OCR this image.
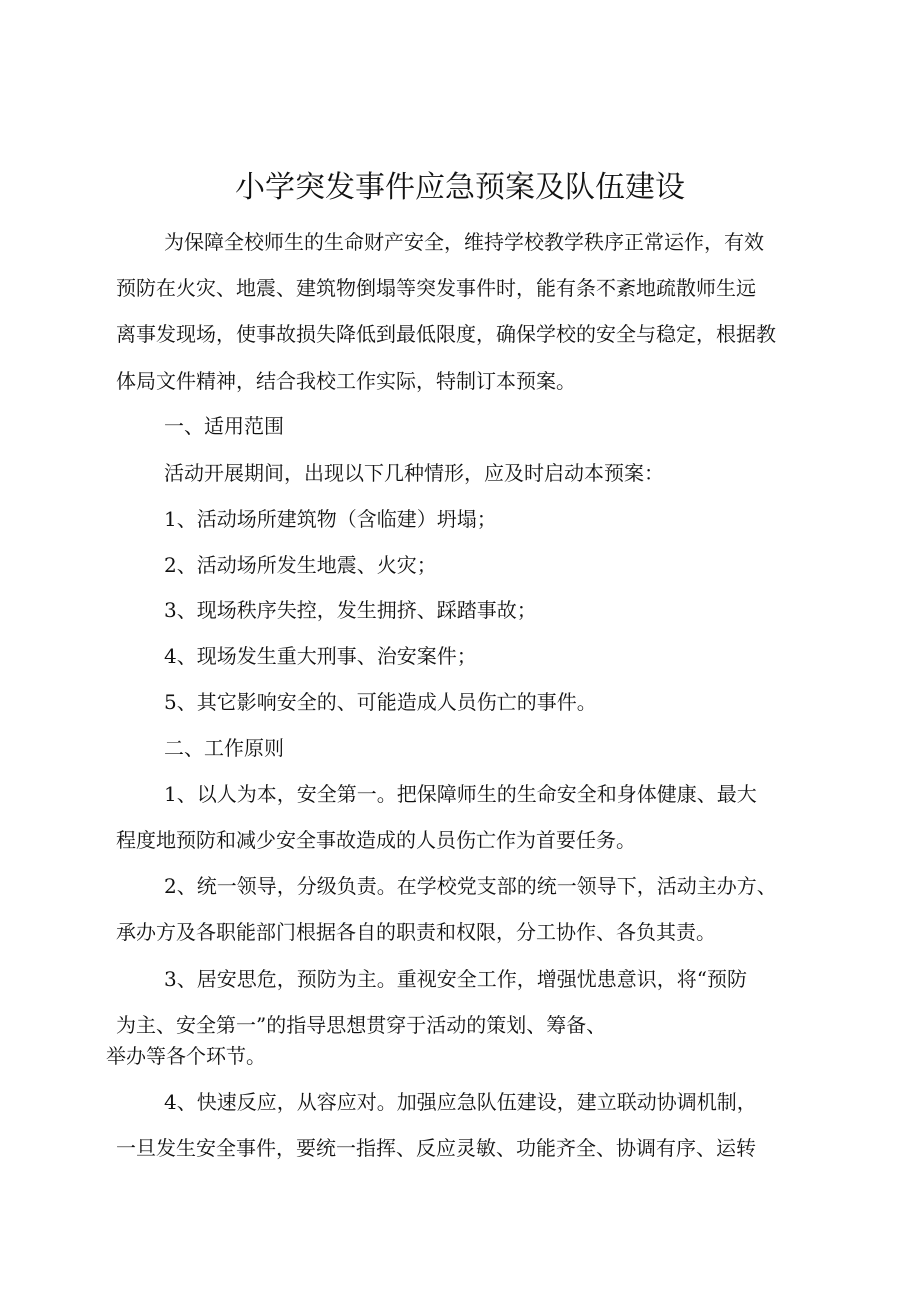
小学突发事件应急预案及队伍建设

为保障全校师生的生命财产安全，维持学校教学秩序正常运作，有效

预防在火灾、地震、建筑物倒塌等突发事件时，能有条不紊地疏散师生远

离事发现场，使事故损失降低到最低限度，确保学校的安全与稳定，根据教

体局文件精神，结合我校工作实际，特制订本预案。

一、适用范围

活动开展期间，出现以下几种情形，应及时启动本预案：

1、活动场所建筑物（含临建）坍塌；

2、活动场所发生地震、火灾；

3、现场秩序失控，发生拥挤、踩踏事故；

4、现场发生重大刑事、治安案件；

5、其它影响安全的、可能造成人员伤亡的事件。

二、工作原则

1、以人为本，安全第一。把保障师生的生命安全和身体健康、最大

程度地预防和减少安全事故造成的人员伤亡作为首要任务。

2、统一领导，分级负责。在学校党支部的统一领导下，活动主办方、

承办方及各职能部门根据各自的职责和权限，分工协作、各负其责。

3、居安思危，预防为主。重视安全工作，增强忧患意识，将“预防

为主、安全第一”的指导思想贯穿于活动的策划、筹备、

举办等各个环节。

4、快速反应，从容应对。加强应急队伍建设，建立联动协调机制，

一旦发生安全事件，要统一指挥、反应灵敏、功能齐全、协调有序、运转
